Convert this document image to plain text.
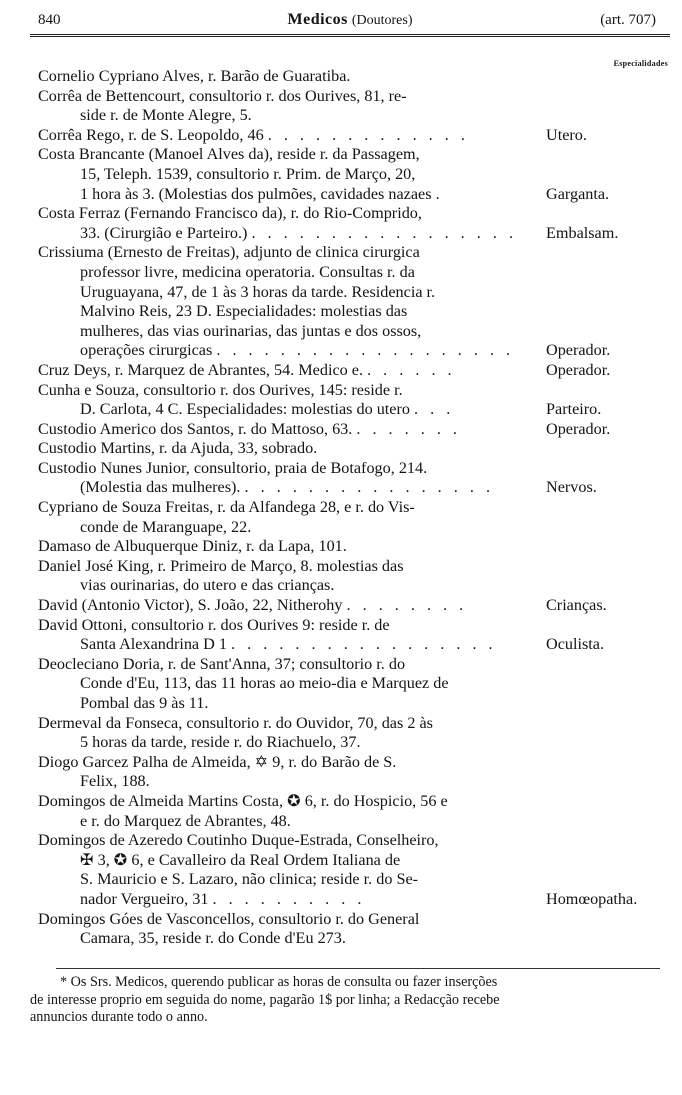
840	Medicos (Doutores)	(art. 707)
Especialidades
Cornelio Cypriano Alves, r. Barão de Guaratiba.
Corrêa de Bettencourt, consultorio r. dos Ourives, 81, re-
side r. de Monte Alegre, 5.
Corrêa Rego, r. de S. Leopoldo, 46 . . . . . . . . . . . . .	Utero.
Costa Brancante (Manoel Alves da), reside r. da Passagem,
15, Teleph. 1539, consultorio r. Prim. de Março, 20,
1 hora às 3. (Molestias dos pulmões, cavidades nazaes .	Garganta.
Costa Ferraz (Fernando Francisco da), r. do Rio-Comprido,
33. (Cirurgião e Parteiro.) . . . . . . . . . . . . . . . . .	Embalsam.
Crissiuma (Ernesto de Freitas), adjunto de clinica cirurgica
professor livre, medicina operatoria. Consultas r. da
Uruguayana, 47, de 1 às 3 horas da tarde. Residencia r.
Malvino Reis, 23 D. Especialidades: molestias das
mulheres, das vias ourinarias, das juntas e dos ossos,
operações cirurgicas . . . . . . . . . . . . . . . . . . .	Operador.
Cruz Deys, r. Marquez de Abrantes, 54. Medico e. . . . . . .	Operador.
Cunha e Souza, consultorio r. dos Ourives, 145: reside r.
D. Carlota, 4 C. Especialidades: molestias do utero . . .	Parteiro.
Custodio Americo dos Santos, r. do Mattoso, 63. . . . . . . .	Operador.
Custodio Martins, r. da Ajuda, 33, sobrado.
Custodio Nunes Junior, consultorio, praia de Botafogo, 214.
(Molestia das mulheres). . . . . . . . . . . . . . . . .	Nervos.
Cypriano de Souza Freitas, r. da Alfandega 28, e r. do Vis-
conde de Maranguape, 22.
Damaso de Albuquerque Diniz, r. da Lapa, 101.
Daniel José King, r. Primeiro de Março, 8. molestias das
vias ourinarias, do utero e das crianças.
David (Antonio Victor), S. João, 22, Nitherohy . . . . . . . .	Crianças.
David Ottoni, consultorio r. dos Ourives 9: reside r. de
Santa Alexandrina D 1 . . . . . . . . . . . . . . . . .	Oculista.
Deocleciano Doria, r. de Sant'Anna, 37; consultorio r. do
Conde d'Eu, 113, das 11 horas ao meio-dia e Marquez de
Pombal das 9 às 11.
Dermeval da Fonseca, consultorio r. do Ouvidor, 70, das 2 às
5 horas da tarde, reside r. do Riachuelo, 37.
Diogo Garcez Palha de Almeida, ✡ 9, r. do Barão de S.
Felix, 188.
Domingos de Almeida Martins Costa, ✪ 6, r. do Hospicio, 56 e
e r. do Marquez de Abrantes, 48.
Domingos de Azeredo Coutinho Duque-Estrada, Conselheiro,
✠ 3, ✪ 6, e Cavalleiro da Real Ordem Italiana de
S. Mauricio e S. Lazaro, não clinica; reside r. do Se-
nador Vergueiro, 31 . . . . . . . . . .	Homœopatha.
Domingos Góes de Vasconcellos, consultorio r. do General
Camara, 35, reside r. do Conde d'Eu 273.
* Os Srs. Medicos, querendo publicar as horas de consulta ou fazer inserções
de interesse proprio em seguida do nome, pagarão 1$ por linha; a Redacção recebe
annuncios durante todo o anno.
